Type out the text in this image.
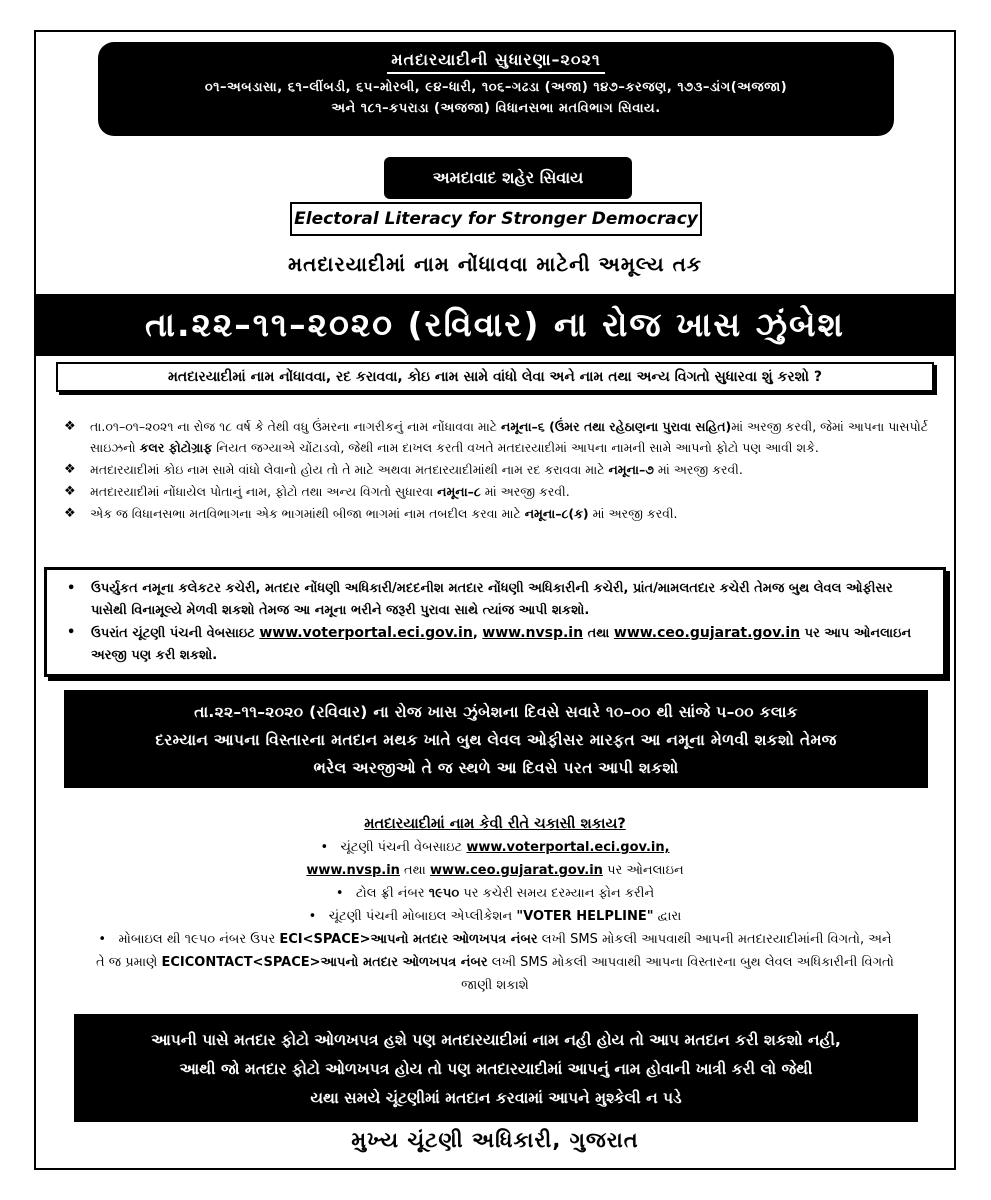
મતદારયાદીની સુધારણા–૨૦૨૧
૦૧–અબડાસા, ૬૧–લીંબડી, ૬૫–મોરબી, ૯૪–ધારી, ૧૦૬–ગઢડા (અજા) ૧૪૭–કરજણ, ૧૭૩–ડાંગ(અજજા)
અને ૧૮૧–કપરાડા (અજજા) વિધાનસભા મતવિભાગ સિવાય.
અમદાવાદ શહેર સિવાય
Electoral Literacy for Stronger Democracy
મતદારયાદીમાં નામ નોંધાવવા માટેની અમૂલ્ય તક
તા.૨૨–૧૧–૨૦૨૦ (રવિવાર) ના રોજ ખાસ ઝુંબેશ
મતદારયાદીમાં નામ નોંધાવવા, રદ કરાવવા, કોઇ નામ સામે વાંધો લેવા અને નામ તથા અન્ય વિગતો સુધારવા શું કરશો ?
❖ તા.૦૧–૦૧–૨૦૨૧ ના રોજ ૧૮ વર્ષ કે તેથી વધુ ઉંમરના નાગરીકનું નામ નોંધાવવા માટે નમૂના–૬ (ઉંમર તથા રહેઠાણના પુરાવા સહિત)માં અરજી કરવી, જેમાં આપના પાસપોર્ટ સાઇઝનો કલર ફોટોગ્રાફ નિયત જગ્યાએ ચોંટાડવો, જેથી નામ દાખલ કરતી વખતે મતદારયાદીમાં આપના નામની સામે આપનો ફોટો પણ આવી શકે.
❖ મતદારયાદીમાં કોઇ નામ સામે વાંધો લેવાનો હોય તો તે માટે અથવા મતદારયાદીમાંથી નામ રદ કરાવવા માટે નમૂના–૭ માં અરજી કરવી.
❖ મતદારયાદીમાં નોંધાયેલ પોતાનું નામ, ફોટો તથા અન્ય વિગતો સુધારવા નમૂના–૮ માં અરજી કરવી.
❖ એક જ વિધાનસભા મતવિભાગના એક ભાગમાંથી બીજા ભાગમાં નામ તબદીલ કરવા માટે નમૂના–૮(ક) માં અરજી કરવી.
• ઉપર્યુકત નમૂના કલેકટર કચેરી, મતદાર નોંધણી અધિકારી/મદદનીશ મતદાર નોંધણી અધિકારીની કચેરી, પ્રાંત/મામલતદાર કચેરી તેમજ બુથ લેવલ ઓફીસર પાસેથી વિનામૂલ્યે મેળવી શકશો તેમજ આ નમૂના ભરીને જરૂરી પુરાવા સાથે ત્યાંજ આપી શકશો.
• ઉપરાંત ચૂંટણી પંચની વેબસાઇટ www.voterportal.eci.gov.in, www.nvsp.in તથા www.ceo.gujarat.gov.in પર આપ ઓનલાઇન અરજી પણ કરી શકશો.
તા.૨૨–૧૧–૨૦૨૦ (રવિવાર) ના રોજ ખાસ ઝુંબેશના દિવસે સવારે ૧૦–૦૦ થી સાંજે ૫–૦૦ કલાક
દરમ્યાન આપના વિસ્તારના મતદાન મથક ખાતે બુથ લેવલ ઓફીસર મારફત આ નમૂના મેળવી શકશો તેમજ
ભરેલ અરજીઓ તે જ સ્થળે આ દિવસે પરત આપી શકશો
મતદારયાદીમાં નામ કેવી રીતે ચકાસી શકાય?
• ચૂંટણી પંચની વેબસાઇટ www.voterportal.eci.gov.in,
www.nvsp.in તથા www.ceo.gujarat.gov.in પર ઓનલાઇન
• ટોલ ફ્રી નંબર ૧૯૫૦ પર કચેરી સમય દરમ્યાન ફોન કરીને
• ચૂંટણી પંચની મોબાઇલ એપ્લીકેશન "VOTER HELPLINE" દ્વારા
• મોબાઇલ થી ૧૯૫૦ નંબર ઉપર ECI<SPACE>આપનો મતદાર ઓળખપત્ર નંબર લખી SMS મોકલી આપવાથી આપની મતદારયાદીમાંની વિગતો, અને તે જ પ્રમાણે ECICONTACT<SPACE>આપનો મતદાર ઓળખપત્ર નંબર લખી SMS મોકલી આપવાથી આપના વિસ્તારના બુથ લેવલ અધિકારીની વિગતો જાણી શકાશે
આપની પાસે મતદાર ફોટો ઓળખપત્ર હશે પણ મતદારયાદીમાં નામ નહી હોય તો આપ મતદાન કરી શકશો નહી,
આથી જો મતદાર ફોટો ઓળખપત્ર હોય તો પણ મતદારયાદીમાં આપનું નામ હોવાની ખાત્રી કરી લો જેથી
યથા સમયે ચૂંટણીમાં મતદાન કરવામાં આપને મુશ્કેલી ન પડે
મુખ્ય ચૂંટણી અધિકારી, ગુજરાત
